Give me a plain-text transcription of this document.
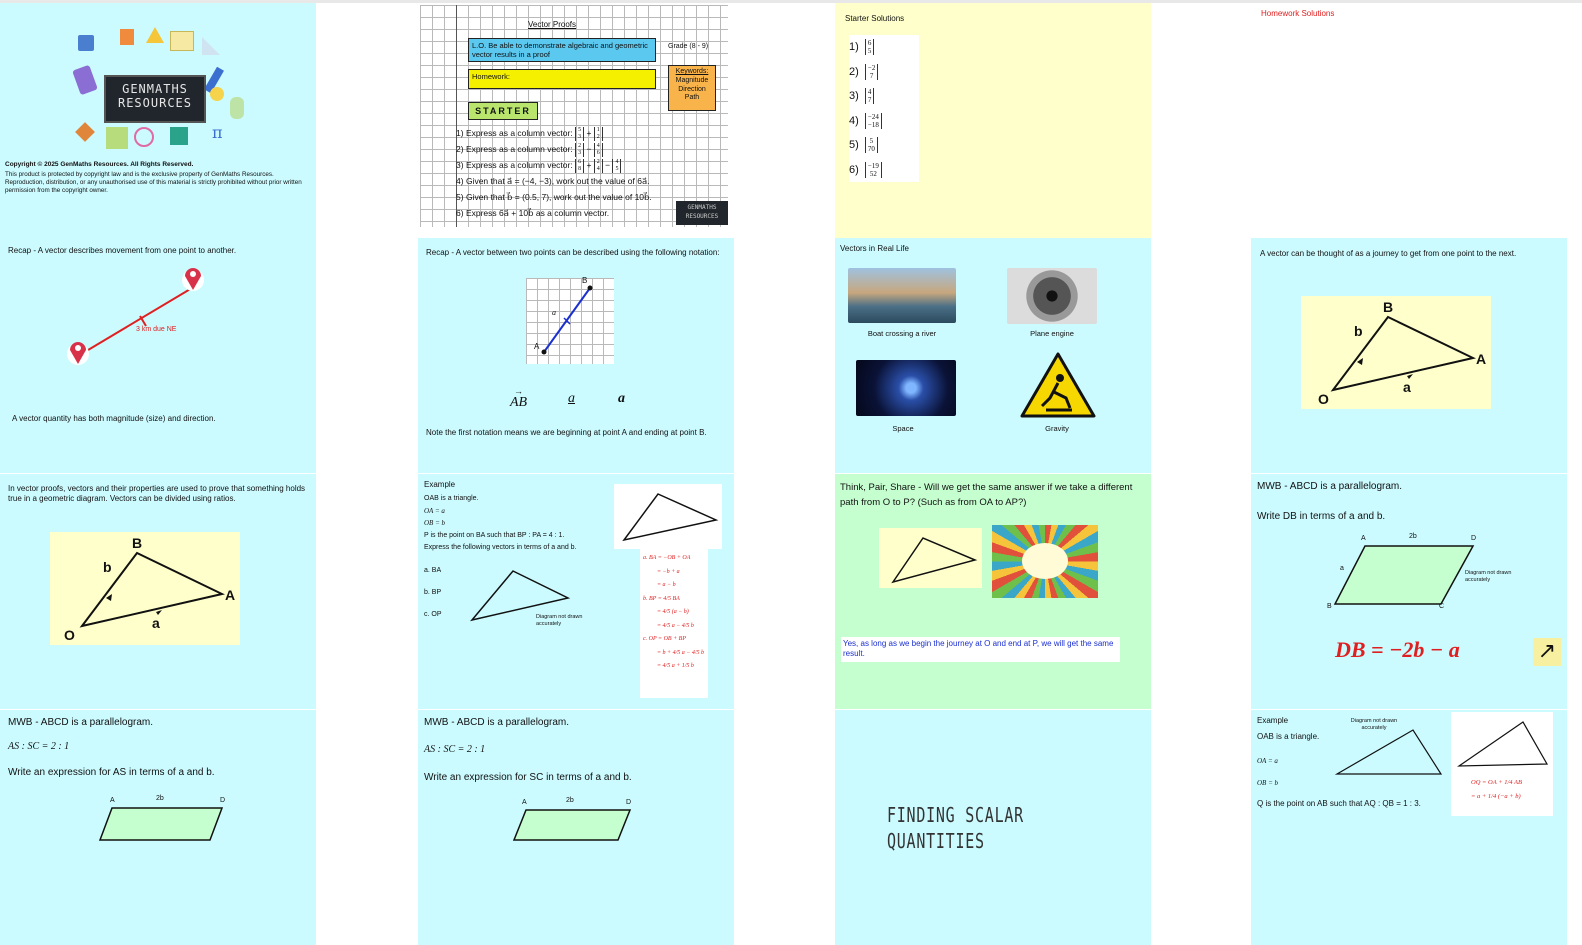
π
GENMATHS
RESOURCES
Copyright © 2025 GenMaths Resources. All Rights Reserved.
This product is protected by copyright law and is the exclusive property of GenMaths Resources. Reproduction, distribution, or any unauthorised use of this material is strictly prohibited without prior written permission from the copyright owner.
Vector Proofs
L.O. Be able to demonstrate algebraic and geometric vector results in a proof
Grade (8 - 9)
Homework:
Keywords:
Magnitude
Direction
Path
STARTER
1) Express as a column vector: 5
3 + 1
2
2) Express as a column vector: 2
3 − 4
6
3) Express as a column vector: 6
8 + 2
4 − 4
5
4) Given that a⃗ = (−4, −3), work out the value of 6a⃗.
5) Given that b⃗ = (0.5, 7), work out the value of 10b⃗.
6) Express 6a⃗ + 10b⃗ as a column vector.
GENMATHS
RESOURCES
Starter Solutions
1) 6
5
2) −2
7
3) 4
7
4) −24
−18
5) 5
70
6) −19
52
Homework Solutions
Recap - A vector describes movement from one point to another.
3 km due NE
A vector quantity has both magnitude (size) and direction.
Recap - A vector between two points can be described using the following notation:
B
A
a
→
AB	a	a
Note the first notation means we are beginning at point A and ending at point B.
Vectors in Real Life
Boat crossing a river	Plane engine
Space	Gravity
A vector can be thought of as a journey to get from one point to the next.
B
A
O
b
a
In vector proofs, vectors and their properties are used to prove that something holds true in a geometric diagram. Vectors can be divided using ratios.
B
A
O
b
a
Example
OAB is a triangle.
OA = a
OB = b
P is the point on BA such that BP : PA = 4 : 1.
Express the following vectors in terms of a and b.
a. BA
b. BP
c. OP	Diagram not drawn accurately
a. BA = −OB + OA
= −b + a
= a − b
b. BP = 4/5 BA
= 4/5 (a − b)
= 4/5 a − 4/5 b
c. OP = OB + BP
= b + 4/5 a − 4/5 b
= 4/5 a + 1/5 b
Think, Pair, Share - Will we get the same answer if we take a different path from O to P? (Such as from OA to AP?)
Yes, as long as we begin the journey at O and end at P, we will get the same result.
MWB - ABCD is a parallelogram.
Write DB in terms of a and b.
A	D
B	C
2b
a
Diagram not drawn accurately
DB = −2b − a	↗
MWB - ABCD is a parallelogram.
AS : SC = 2 : 1
Write an expression for AS in terms of a and b.
A	D
2b
MWB - ABCD is a parallelogram.
AS : SC = 2 : 1
Write an expression for SC in terms of a and b.
A	D
2b
FINDING SCALAR QUANTITIES
Example
OAB is a triangle.
OA = a
OB = b
Q is the point on AB such that AQ : QB = 1 : 3.
Diagram not drawn accurately
OQ = OA + 1/4 AB
= a + 1/4 (−a + b)
